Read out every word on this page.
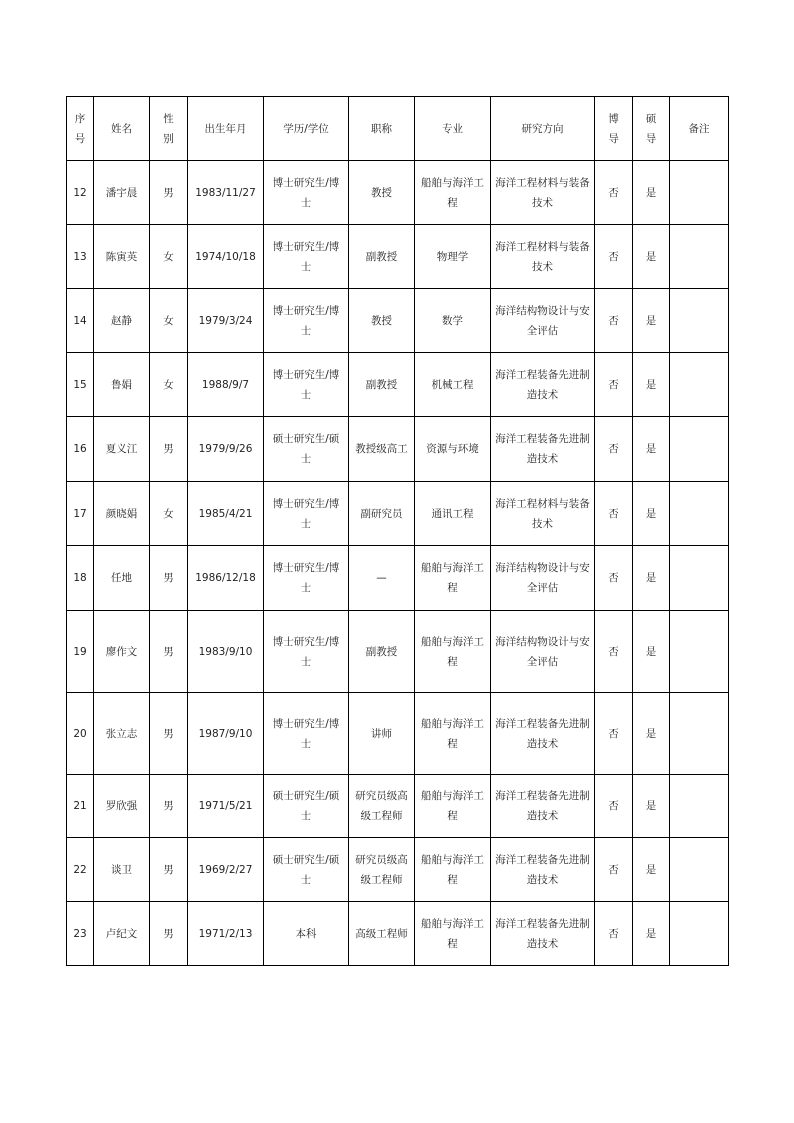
序号	姓名	性别	出生年月	学历/学位	职称	专业	研究方向	博导	硕导	备注
12	潘宇晨	男	1983/11/27	博士研究生/博士	教授	船舶与海洋工程	海洋工程材料与装备技术	否	是	
13	陈寅英	女	1974/10/18	博士研究生/博士	副教授	物理学	海洋工程材料与装备技术	否	是	
14	赵静	女	1979/3/24	博士研究生/博士	教授	数学	海洋结构物设计与安全评估	否	是	
15	鲁娟	女	1988/9/7	博士研究生/博士	副教授	机械工程	海洋工程装备先进制造技术	否	是	
16	夏义江	男	1979/9/26	硕士研究生/硕士	教授级高工	资源与环境	海洋工程装备先进制造技术	否	是	
17	颜晓娟	女	1985/4/21	博士研究生/博士	副研究员	通讯工程	海洋工程材料与装备技术	否	是	
18	任地	男	1986/12/18	博士研究生/博士	—	船舶与海洋工程	海洋结构物设计与安全评估	否	是	
19	廖作文	男	1983/9/10	博士研究生/博士	副教授	船舶与海洋工程	海洋结构物设计与安全评估	否	是	
20	张立志	男	1987/9/10	博士研究生/博士	讲师	船舶与海洋工程	海洋工程装备先进制造技术	否	是	
21	罗欣强	男	1971/5/21	硕士研究生/硕士	研究员级高级工程师	船舶与海洋工程	海洋工程装备先进制造技术	否	是	
22	谈卫	男	1969/2/27	硕士研究生/硕士	研究员级高级工程师	船舶与海洋工程	海洋工程装备先进制造技术	否	是	
23	卢纪文	男	1971/2/13	本科	高级工程师	船舶与海洋工程	海洋工程装备先进制造技术	否	是	
